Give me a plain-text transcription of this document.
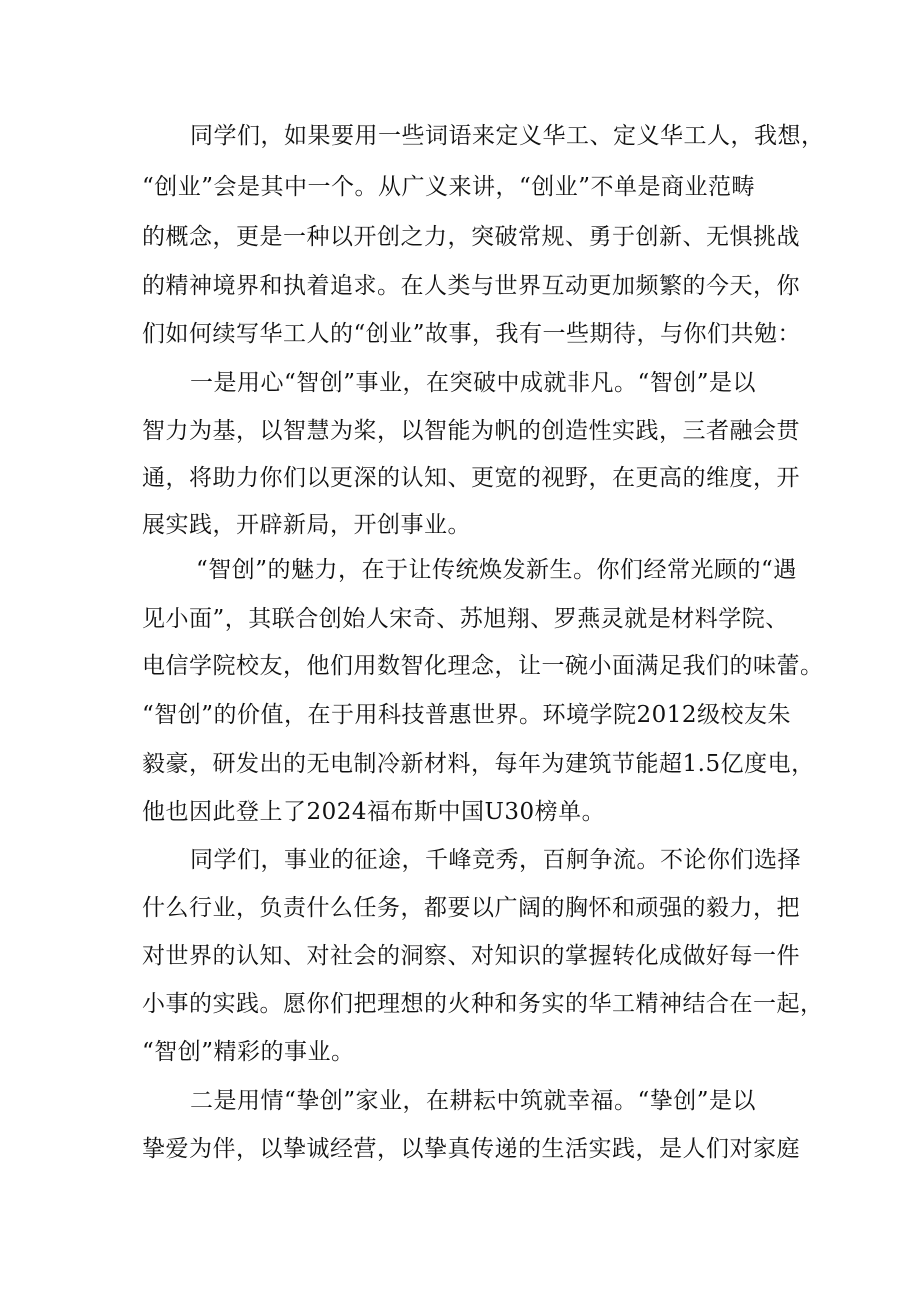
同学们，如果要用一些词语来定义华工、定义华工人，我想，
“创业”会是其中一个。从广义来讲，“创业”不单是商业范畴
的概念，更是一种以开创之力，突破常规、勇于创新、无惧挑战
的精神境界和执着追求。在人类与世界互动更加频繁的今天，你
们如何续写华工人的“创业”故事，我有一些期待，与你们共勉：
一是用心“智创”事业，在突破中成就非凡。“智创”是以
智力为基，以智慧为桨，以智能为帆的创造性实践，三者融会贯
通，将助力你们以更深的认知、更宽的视野，在更高的维度，开
展实践，开辟新局，开创事业。
“智创”的魅力，在于让传统焕发新生。你们经常光顾的“遇
见小面”，其联合创始人宋奇、苏旭翔、罗燕灵就是材料学院、
电信学院校友，他们用数智化理念，让一碗小面满足我们的味蕾。
“智创”的价值，在于用科技普惠世界。环境学院2012级校友朱
毅豪，研发出的无电制冷新材料，每年为建筑节能超1.5亿度电，
他也因此登上了2024福布斯中国U30榜单。
同学们，事业的征途，千峰竞秀，百舸争流。不论你们选择
什么行业，负责什么任务，都要以广阔的胸怀和顽强的毅力，把
对世界的认知、对社会的洞察、对知识的掌握转化成做好每一件
小事的实践。愿你们把理想的火种和务实的华工精神结合在一起，
“智创”精彩的事业。
二是用情“挚创”家业，在耕耘中筑就幸福。“挚创”是以
挚爱为伴，以挚诚经营，以挚真传递的生活实践，是人们对家庭
